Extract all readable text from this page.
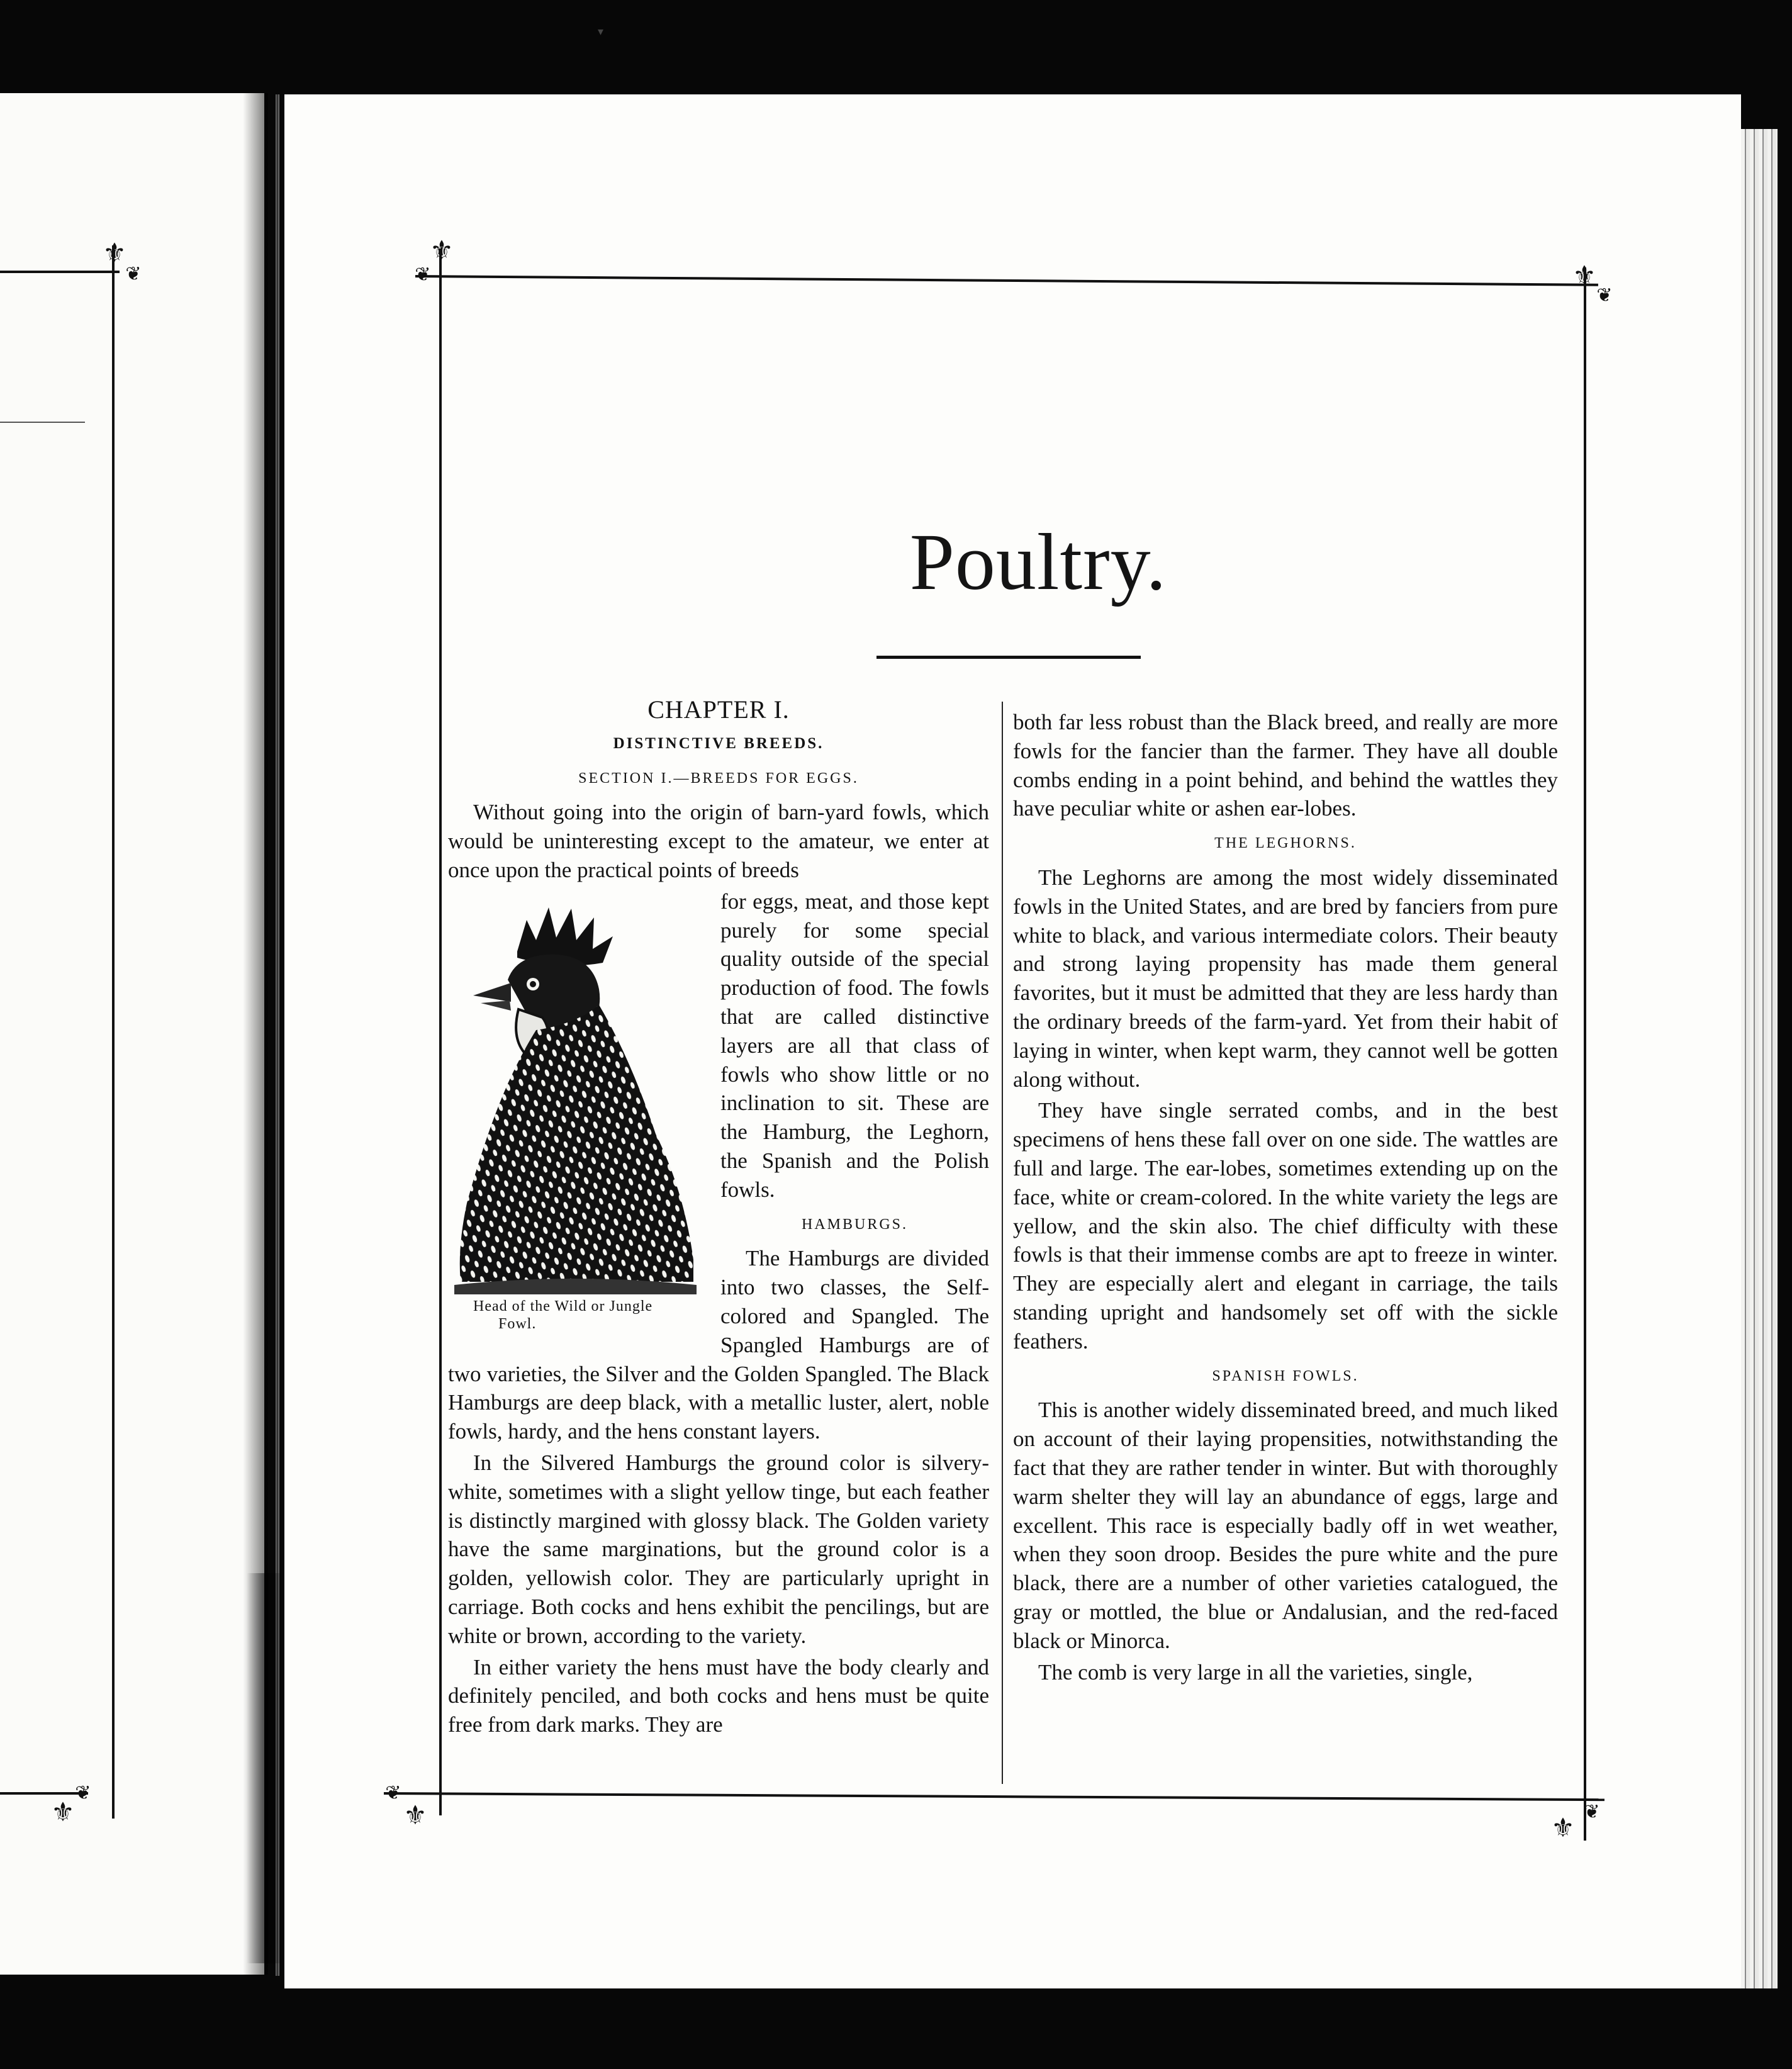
⚜
❦
⚜
❦
⚜
❦	⚜
❦
❦
⚜	⚜
❦
▾
Poultry.
CHAPTER I.
DISTINCTIVE BREEDS.
SECTION I.—BREEDS FOR EGGS.

Without going into the origin of barn-yard fowls, which would be uninteresting except to the amateur, we enter at once upon the practical points of breeds

Head of the Wild or Jungle
Fowl.

for eggs, meat, and those kept purely for some special quality outside of the special production of food. The fowls that are called distinctive layers are all that class of fowls who show little or no inclination to sit. These are the Hamburg, the Leghorn, the Spanish and the Polish fowls.

HAMBURGS.

The Hamburgs are divided into two classes, the Self-colored and Spangled. The Spangled Hamburgs are of two varieties, the Silver and the Golden Spangled. The Black Hamburgs are deep black, with a metallic luster, alert, noble fowls, hardy, and the hens constant layers.

In the Silvered Hamburgs the ground color is silvery-white, sometimes with a slight yellow tinge, but each feather is distinctly margined with glossy black. The Golden variety have the same marginations, but the ground color is a golden, yellowish color. They are particularly upright in carriage. Both cocks and hens exhibit the pencilings, but are white or brown, according to the variety.

In either variety the hens must have the body clearly and definitely penciled, and both cocks and hens must be quite free from dark marks. They are

both far less robust than the Black breed, and really are more fowls for the fancier than the farmer. They have all double combs ending in a point behind, and behind the wattles they have peculiar white or ashen ear-lobes.

THE LEGHORNS.

The Leghorns are among the most widely disseminated fowls in the United States, and are bred by fanciers from pure white to black, and various intermediate colors. Their beauty and strong laying propensity has made them general favorites, but it must be admitted that they are less hardy than the ordinary breeds of the farm-yard. Yet from their habit of laying in winter, when kept warm, they cannot well be gotten along without.

They have single serrated combs, and in the best specimens of hens these fall over on one side. The wattles are full and large. The ear-lobes, sometimes extending up on the face, white or cream-colored. In the white variety the legs are yellow, and the skin also. The chief difficulty with these fowls is that their immense combs are apt to freeze in winter. They are especially alert and elegant in carriage, the tails standing upright and handsomely set off with the sickle feathers.

SPANISH FOWLS.

This is another widely disseminated breed, and much liked on account of their laying propensities, notwithstanding the fact that they are rather tender in winter. But with thoroughly warm shelter they will lay an abundance of eggs, large and excellent. This race is especially badly off in wet weather, when they soon droop. Besides the pure white and the pure black, there are a number of other varieties catalogued, the gray or mottled, the blue or Andalusian, and the red-faced black or Minorca.

The comb is very large in all the varieties, single,
